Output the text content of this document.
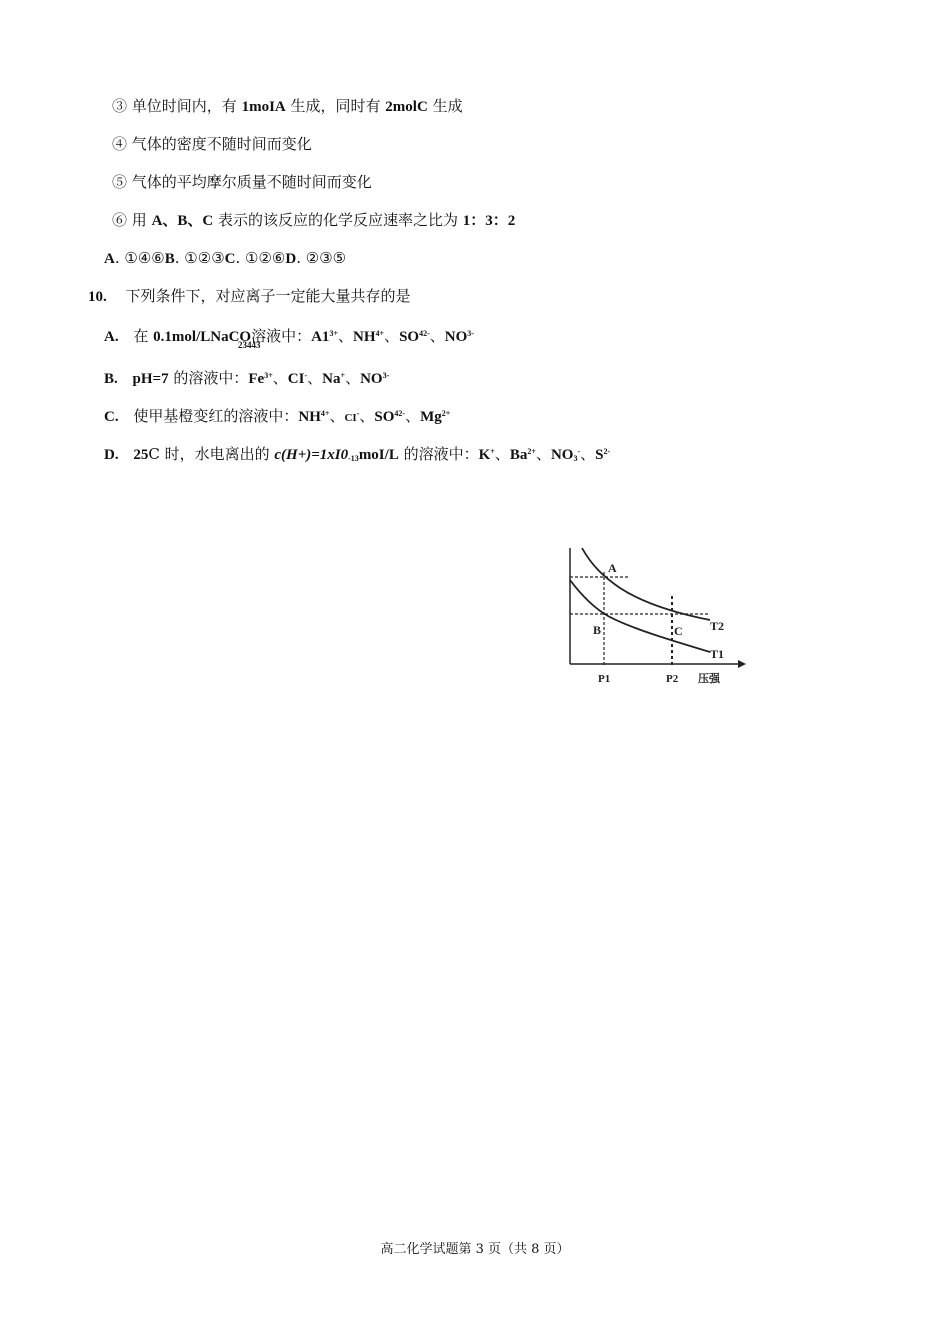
③ 单位时间内，有 1moIA 生成，同时有 2molC 生成
④ 气体的密度不随时间而变化
⑤ 气体的平均摩尔质量不随时间而变化
⑥ 用 A、B、C 表示的该反应的化学反应速率之比为 1：3：2
A. ①④⑥B. ①②③C. ①②⑥D. ②③⑤
10. 下列条件下，对应离子一定能大量共存的是
A. 在 0.1mol/LNaCO溶液中：$A1^{3+}$、$NH^{4+}$、$SO^{42-}$、$NO^{3-}$
23443
B. pH=7 的溶液中：$Fe^{3+}$、CI-、Na+、$NO^{3-}$
C. 使甲基橙变红的溶液中：$NH^{4+}$、CI-、$SO^{42-}$、$Mg^{2+}$
D. 25C 时，水电离出的 $c(H+)=1xI0_{-13}moI/L$ 的溶液中：K+、$Ba^{2+}$、$NO_3^-$、$S^{2-}$
A
B	C T2
T1
P1	P2 压强
高二化学试题第 3 页（共 8 页）
